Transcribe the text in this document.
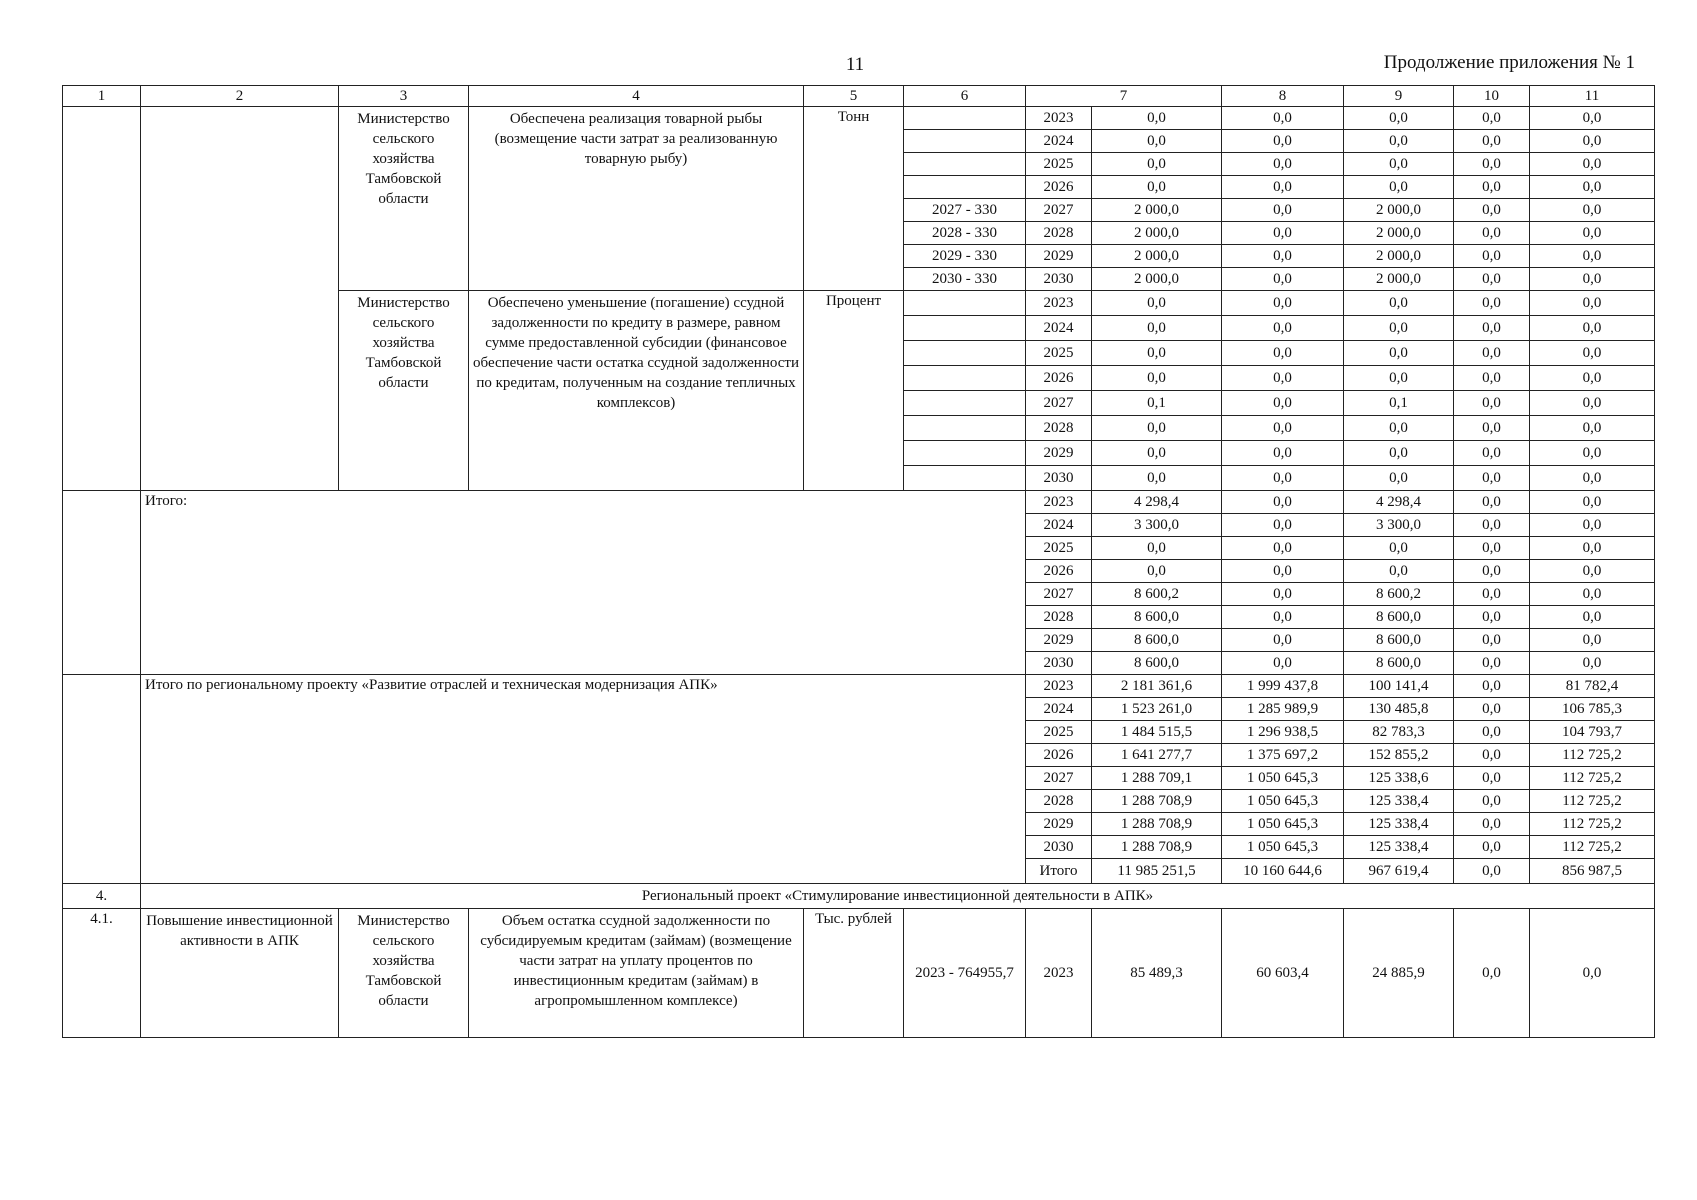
11	Продолжение приложения № 1
1	2	3	4	5	6	7		8	9	10	11
		Министерство сельского хозяйства Тамбовской области	Обеспечена реализация товарной рыбы (возмещение части затрат за реализованную товарную рыбу)	Тонн		2023	0,0	0,0	0,0	0,0	0,0
						2024	0,0	0,0	0,0	0,0	0,0
						2025	0,0	0,0	0,0	0,0	0,0
						2026	0,0	0,0	0,0	0,0	0,0
					2027 - 330	2027	2 000,0	0,0	2 000,0	0,0	0,0
					2028 - 330	2028	2 000,0	0,0	2 000,0	0,0	0,0
					2029 - 330	2029	2 000,0	0,0	2 000,0	0,0	0,0
					2030 - 330	2030	2 000,0	0,0	2 000,0	0,0	0,0
		Министерство сельского хозяйства Тамбовской области	Обеспечено уменьшение (погашение) ссудной задолженности по кредиту в размере, равном сумме предоставленной субсидии (финансовое обеспечение части остатка ссудной задолженности по кредитам, полученным на создание тепличных комплексов)	Процент		2023	0,0	0,0	0,0	0,0	0,0
						2024	0,0	0,0	0,0	0,0	0,0
						2025	0,0	0,0	0,0	0,0	0,0
						2026	0,0	0,0	0,0	0,0	0,0
						2027	0,1	0,0	0,1	0,0	0,0
						2028	0,0	0,0	0,0	0,0	0,0
						2029	0,0	0,0	0,0	0,0	0,0
						2030	0,0	0,0	0,0	0,0	0,0
	Итого:					2023	4 298,4	0,0	4 298,4	0,0	0,0
						2024	3 300,0	0,0	3 300,0	0,0	0,0
						2025	0,0	0,0	0,0	0,0	0,0
						2026	0,0	0,0	0,0	0,0	0,0
						2027	8 600,2	0,0	8 600,2	0,0	0,0
						2028	8 600,0	0,0	8 600,0	0,0	0,0
						2029	8 600,0	0,0	8 600,0	0,0	0,0
						2030	8 600,0	0,0	8 600,0	0,0	0,0
	Итого по региональному проекту «Развитие отраслей и техническая модернизация АПК»					2023	2 181 361,6	1 999 437,8	100 141,4	0,0	81 782,4
						2024	1 523 261,0	1 285 989,9	130 485,8	0,0	106 785,3
						2025	1 484 515,5	1 296 938,5	82 783,3	0,0	104 793,7
						2026	1 641 277,7	1 375 697,2	152 855,2	0,0	112 725,2
						2027	1 288 709,1	1 050 645,3	125 338,6	0,0	112 725,2
						2028	1 288 708,9	1 050 645,3	125 338,4	0,0	112 725,2
						2029	1 288 708,9	1 050 645,3	125 338,4	0,0	112 725,2
						2030	1 288 708,9	1 050 645,3	125 338,4	0,0	112 725,2
						Итого	11 985 251,5	10 160 644,6	967 619,4	0,0	856 987,5
4.	Региональный проект «Стимулирование инвестиционной деятельности в АПК»										
4.1.	Повышение инвестиционной активности в АПК	Министерство сельского хозяйства Тамбовской области	Объем остатка ссудной задолженности по субсидируемым кредитам (займам) (возмещение части затрат на уплату процентов по инвестиционным кредитам (займам) в агропромышленном комплексе)	Тыс. рублей	2023 - 764955,7	2023	85 489,3	60 603,4	24 885,9	0,0	0,0
